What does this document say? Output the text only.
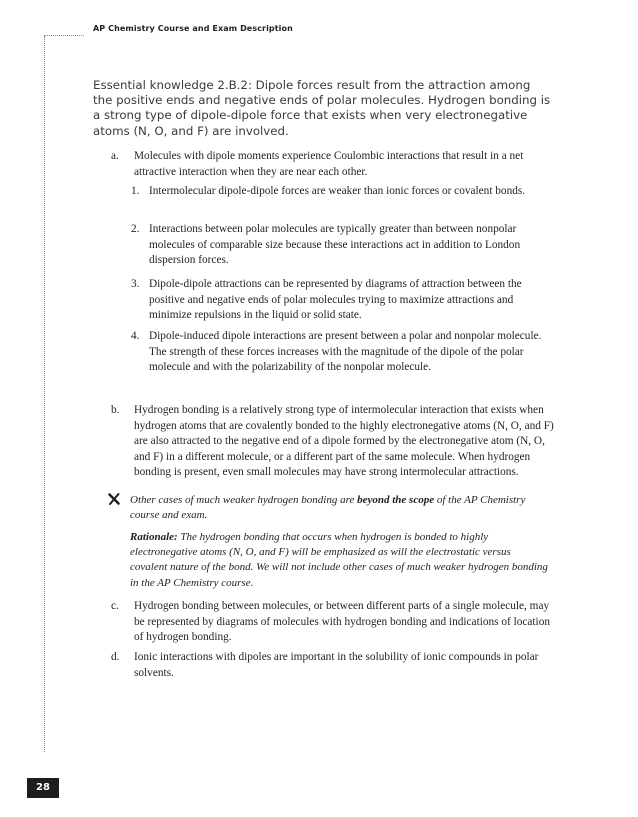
AP Chemistry Course and Exam Description
Essential knowledge 2.B.2: Dipole forces result from the attraction among the positive ends and negative ends of polar molecules. Hydrogen bonding is a strong type of dipole-dipole force that exists when very electronegative atoms (N, O, and F) are involved.
a. Molecules with dipole moments experience Coulombic interactions that result in a net attractive interaction when they are near each other.
1. Intermolecular dipole-dipole forces are weaker than ionic forces or covalent bonds.
2. Interactions between polar molecules are typically greater than between nonpolar molecules of comparable size because these interactions act in addition to London dispersion forces.
3. Dipole-dipole attractions can be represented by diagrams of attraction between the positive and negative ends of polar molecules trying to maximize attractions and minimize repulsions in the liquid or solid state.
4. Dipole-induced dipole interactions are present between a polar and nonpolar molecule. The strength of these forces increases with the magnitude of the dipole of the polar molecule and with the polarizability of the nonpolar molecule.
b. Hydrogen bonding is a relatively strong type of intermolecular interaction that exists when hydrogen atoms that are covalently bonded to the highly electronegative atoms (N, O, and F) are also attracted to the negative end of a dipole formed by the electronegative atom (N, O, and F) in a different molecule, or a different part of the same molecule. When hydrogen bonding is present, even small molecules may have strong intermolecular attractions.
Other cases of much weaker hydrogen bonding are beyond the scope of the AP Chemistry course and exam.
Rationale: The hydrogen bonding that occurs when hydrogen is bonded to highly electronegative atoms (N, O, and F) will be emphasized as will the electrostatic versus covalent nature of the bond. We will not include other cases of much weaker hydrogen bonding in the AP Chemistry course.
c. Hydrogen bonding between molecules, or between different parts of a single molecule, may be represented by diagrams of molecules with hydrogen bonding and indications of location of hydrogen bonding.
d. Ionic interactions with dipoles are important in the solubility of ionic compounds in polar solvents.
28
